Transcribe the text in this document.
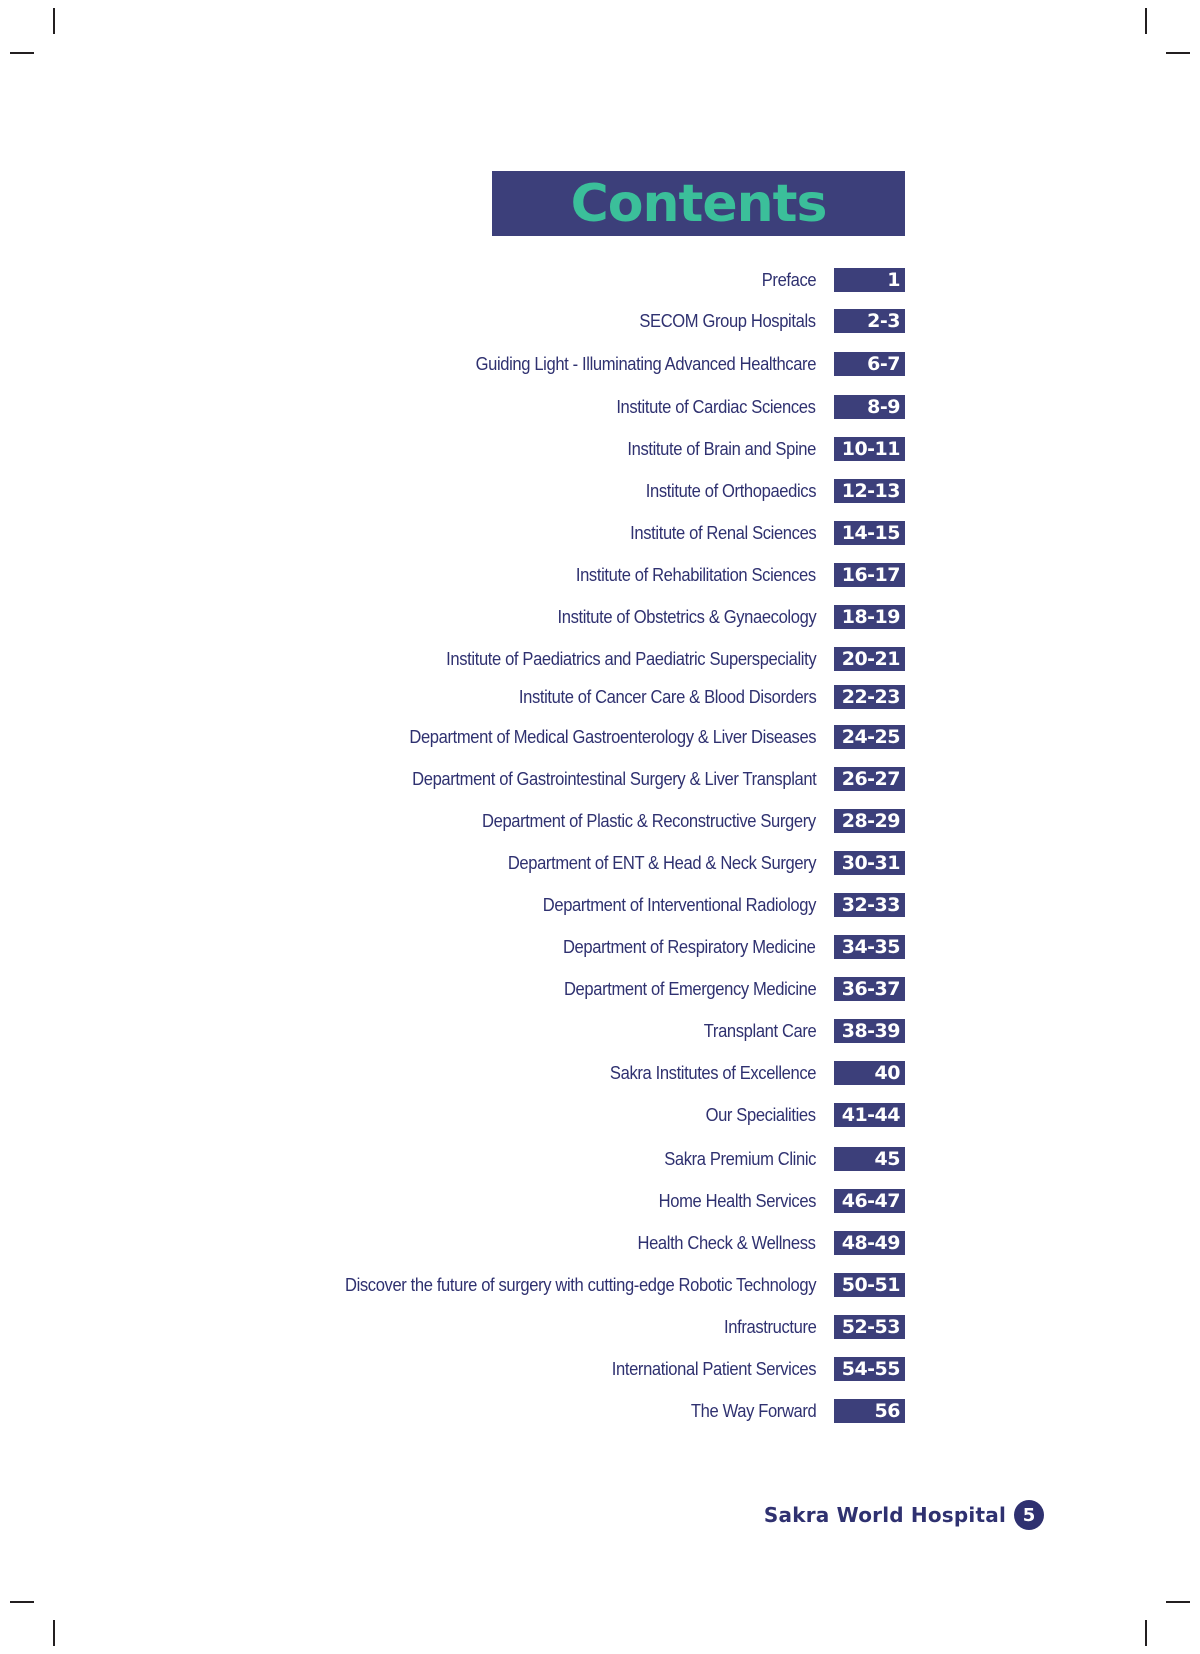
Contents
Preface	1
SECOM Group Hospitals	2-3
Guiding Light - Illuminating Advanced Healthcare	6-7
Institute of Cardiac Sciences	8-9
Institute of Brain and Spine	10-11
Institute of Orthopaedics	12-13
Institute of Renal Sciences	14-15
Institute of Rehabilitation Sciences	16-17
Institute of Obstetrics & Gynaecology	18-19
Institute of Paediatrics and Paediatric Superspeciality	20-21
Institute of Cancer Care & Blood Disorders	22-23
Department of Medical Gastroenterology & Liver Diseases	24-25
Department of Gastrointestinal Surgery & Liver Transplant	26-27
Department of Plastic & Reconstructive Surgery	28-29
Department of ENT & Head & Neck Surgery	30-31
Department of Interventional Radiology	32-33
Department of Respiratory Medicine	34-35
Department of Emergency Medicine	36-37
Transplant Care	38-39
Sakra Institutes of Excellence	40
Our Specialities	41-44
Sakra Premium Clinic	45
Home Health Services	46-47
Health Check & Wellness	48-49
Discover the future of surgery with cutting-edge Robotic Technology	50-51
Infrastructure	52-53
International Patient Services	54-55
The Way Forward	56
Sakra World Hospital 5
